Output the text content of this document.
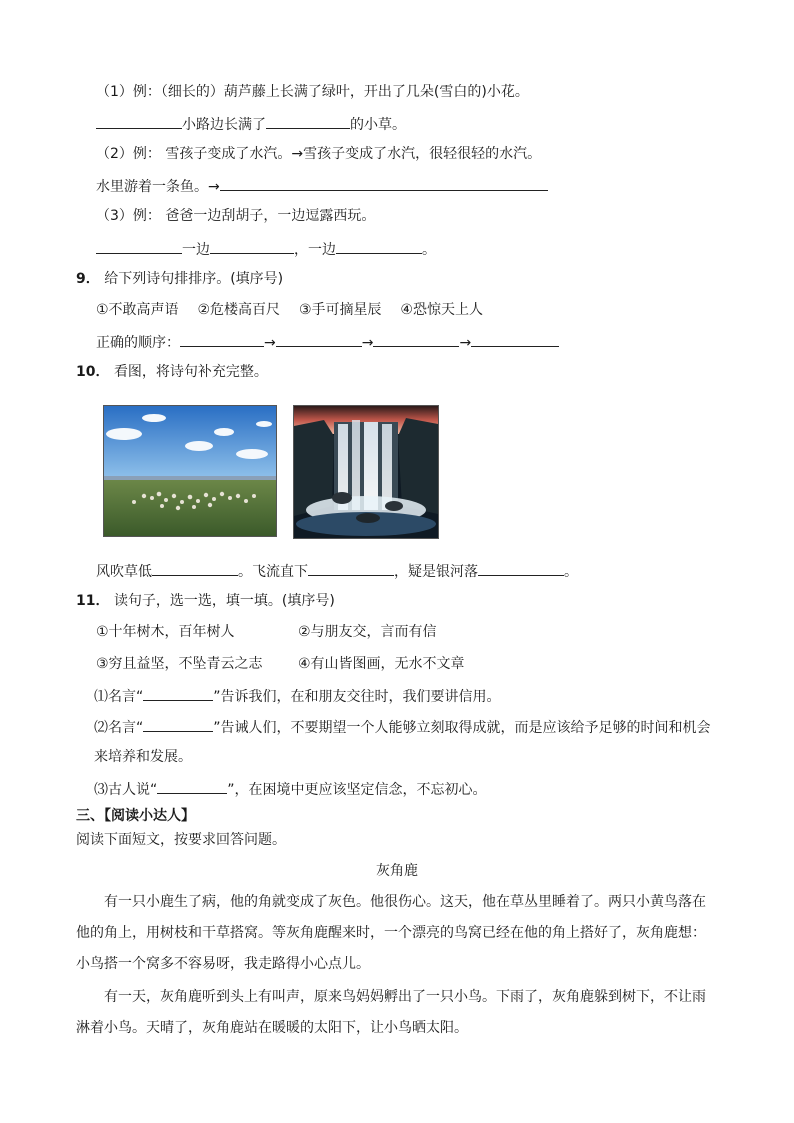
（1）例：（细长的）葫芦藤上长满了绿叶，开出了几朵(雪白的)小花。
小路边长满了	的小草。
（2）例： 雪孩子变成了水汽。→雪孩子变成了水汽，很轻很轻的水汽。
水里游着一条鱼。→
（3）例： 爸爸一边刮胡子，一边逗露西玩。
一边	，一边	。
9． 给下列诗句排排序。(填序号)
①不敢高声语 ②危楼高百尺 ③手可摘星辰 ④恐惊天上人
正确的顺序：	→	→	→
10． 看图，将诗句补充完整。
风吹草低	。飞流直下	，疑是银河落	。
11． 读句子，选一选，填一填。(填序号)
①十年树木，百年树人	②与朋友交，言而有信
③穷且益坚，不坠青云之志	④有山皆图画，无水不文章
⑴名言“	”告诉我们，在和朋友交往时，我们要讲信用。
⑵名言“	”告诫人们，不要期望一个人能够立刻取得成就，而是应该给予足够的时间和机会
来培养和发展。
⑶古人说“	”，在困境中更应该坚定信念，不忘初心。
三、【阅读小达人】
阅读下面短文，按要求回答问题。
灰角鹿
有一只小鹿生了病，他的角就变成了灰色。他很伤心。这天，他在草丛里睡着了。两只小黄鸟落在
他的角上，用树枝和干草搭窝。等灰角鹿醒来时，一个漂亮的鸟窝已经在他的角上搭好了，灰角鹿想：
小鸟搭一个窝多不容易呀，我走路得小心点儿。
有一天，灰角鹿听到头上有叫声，原来鸟妈妈孵出了一只小鸟。下雨了，灰角鹿躲到树下，不让雨
淋着小鸟。天晴了，灰角鹿站在暖暖的太阳下，让小鸟晒太阳。
